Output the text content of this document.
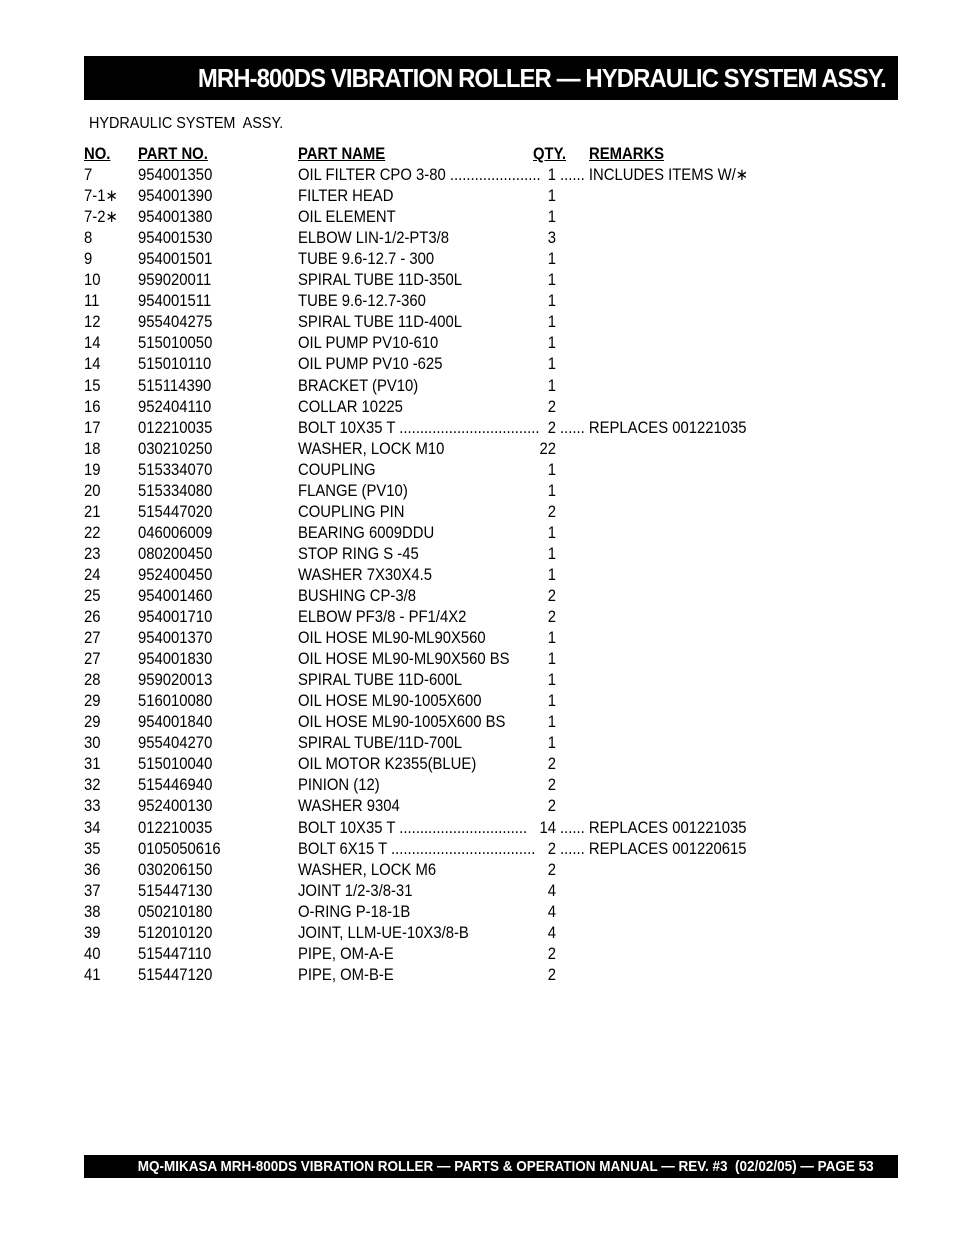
MRH-800DS VIBRATION ROLLER — HYDRAULIC SYSTEM ASSY.
HYDRAULIC SYSTEM  ASSY.
NO. PART NO.	PART NAME	QTY. REMARKS
7	954001350	OIL FILTER CPO 3-80 ...................... 1 ...... INCLUDES ITEMS W/∗
7-1∗ 954001390	FILTER HEAD	1
7-2∗ 954001380	OIL ELEMENT	1
8	954001530	ELBOW LIN-1/2-PT3/8	3
9	954001501	TUBE 9.6-12.7 - 300	1
10 959020011	SPIRAL TUBE 11D-350L	1
11 954001511	TUBE 9.6-12.7-360	1
12 955404275	SPIRAL TUBE 11D-400L	1
14 515010050	OIL PUMP PV10-610	1
14 515010110	OIL PUMP PV10 -625	1
15 515114390	BRACKET (PV10)	1
16 952404110	COLLAR 10225	2
17 012210035	BOLT 10X35 T .................................. 2 ...... REPLACES 001221035
18 030210250	WASHER, LOCK M10	22
19 515334070	COUPLING	1
20 515334080	FLANGE (PV10)	1
21 515447020	COUPLING PIN	2
22 046006009	BEARING 6009DDU	1
23 080200450	STOP RING S -45	1
24 952400450	WASHER 7X30X4.5	1
25 954001460	BUSHING CP-3/8	2
26 954001710	ELBOW PF3/8 - PF1/4X2	2
27 954001370	OIL HOSE ML90-ML90X560	1
27 954001830	OIL HOSE ML90-ML90X560 BS	1
28 959020013	SPIRAL TUBE 11D-600L	1
29 516010080	OIL HOSE ML90-1005X600	1
29 954001840	OIL HOSE ML90-1005X600 BS	1
30 955404270	SPIRAL TUBE/11D-700L	1
31 515010040	OIL MOTOR K2355(BLUE)	2
32 515446940	PINION (12)	2
33 952400130	WASHER 9304	2
34 012210035	BOLT 10X35 T ............................... 14 ...... REPLACES 001221035
35 0105050616	BOLT 6X15 T ................................... 2 ...... REPLACES 001220615
36 030206150	WASHER, LOCK M6	2
37 515447130	JOINT 1/2-3/8-31	4
38 050210180	O-RING P-18-1B	4
39 512010120	JOINT, LLM-UE-10X3/8-B	4
40 515447110	PIPE, OM-A-E	2
41 515447120	PIPE, OM-B-E	2
MQ-MIKASA MRH-800DS VIBRATION ROLLER — PARTS & OPERATION MANUAL — REV. #3  (02/02/05) — PAGE 53
